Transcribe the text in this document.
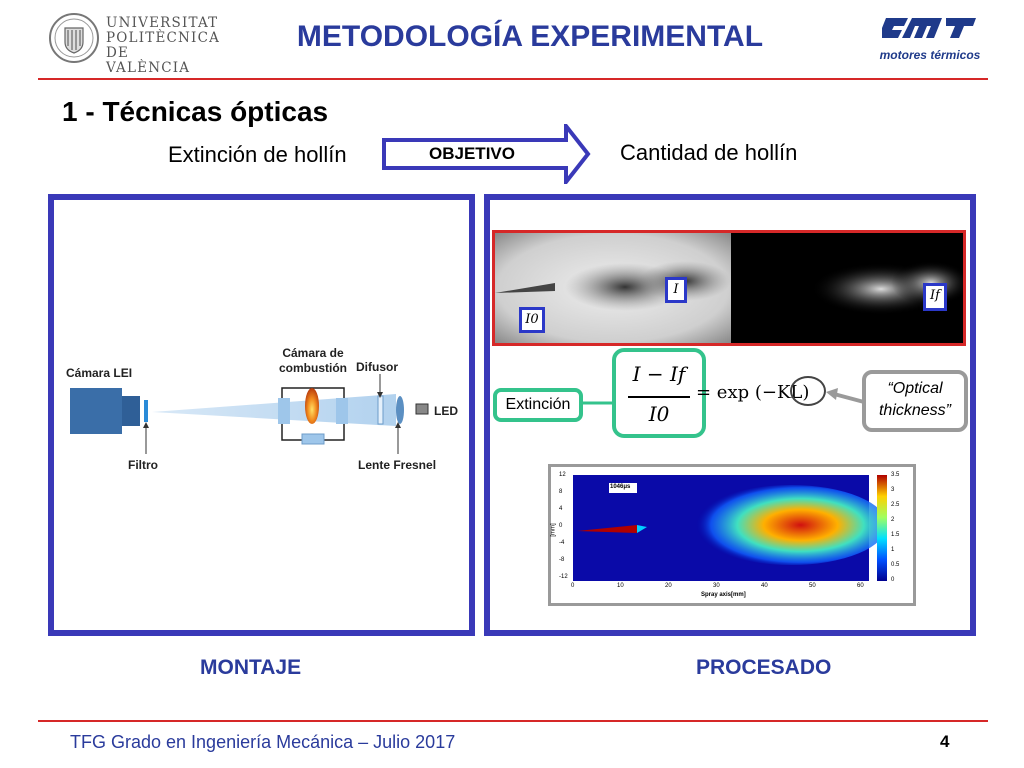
UNIVERSITAT
POLITÈCNICA
DE VALÈNCIA
METODOLOGÍA EXPERIMENTAL
motores térmicos
1 - Técnicas ópticas
Extinción de hollín	OBJETIVO	Cantidad de hollín
Cámara LEI
Cámara de combustión Difusor
LED
Filtro	Lente Fresnel
I0
I	If
Extinción
I − If
I0
= exp (−KL)	“Optical thickness”
1046μs
Spray axis[mm]
[mm]
0	10	20	30	40	50	60
12
8
4
0
-4
-8
-12
3.5
3
2.5
2
1.5
1
0.5
0
MONTAJE	PROCESADO
TFG Grado en Ingeniería Mecánica – Julio 2017	4
